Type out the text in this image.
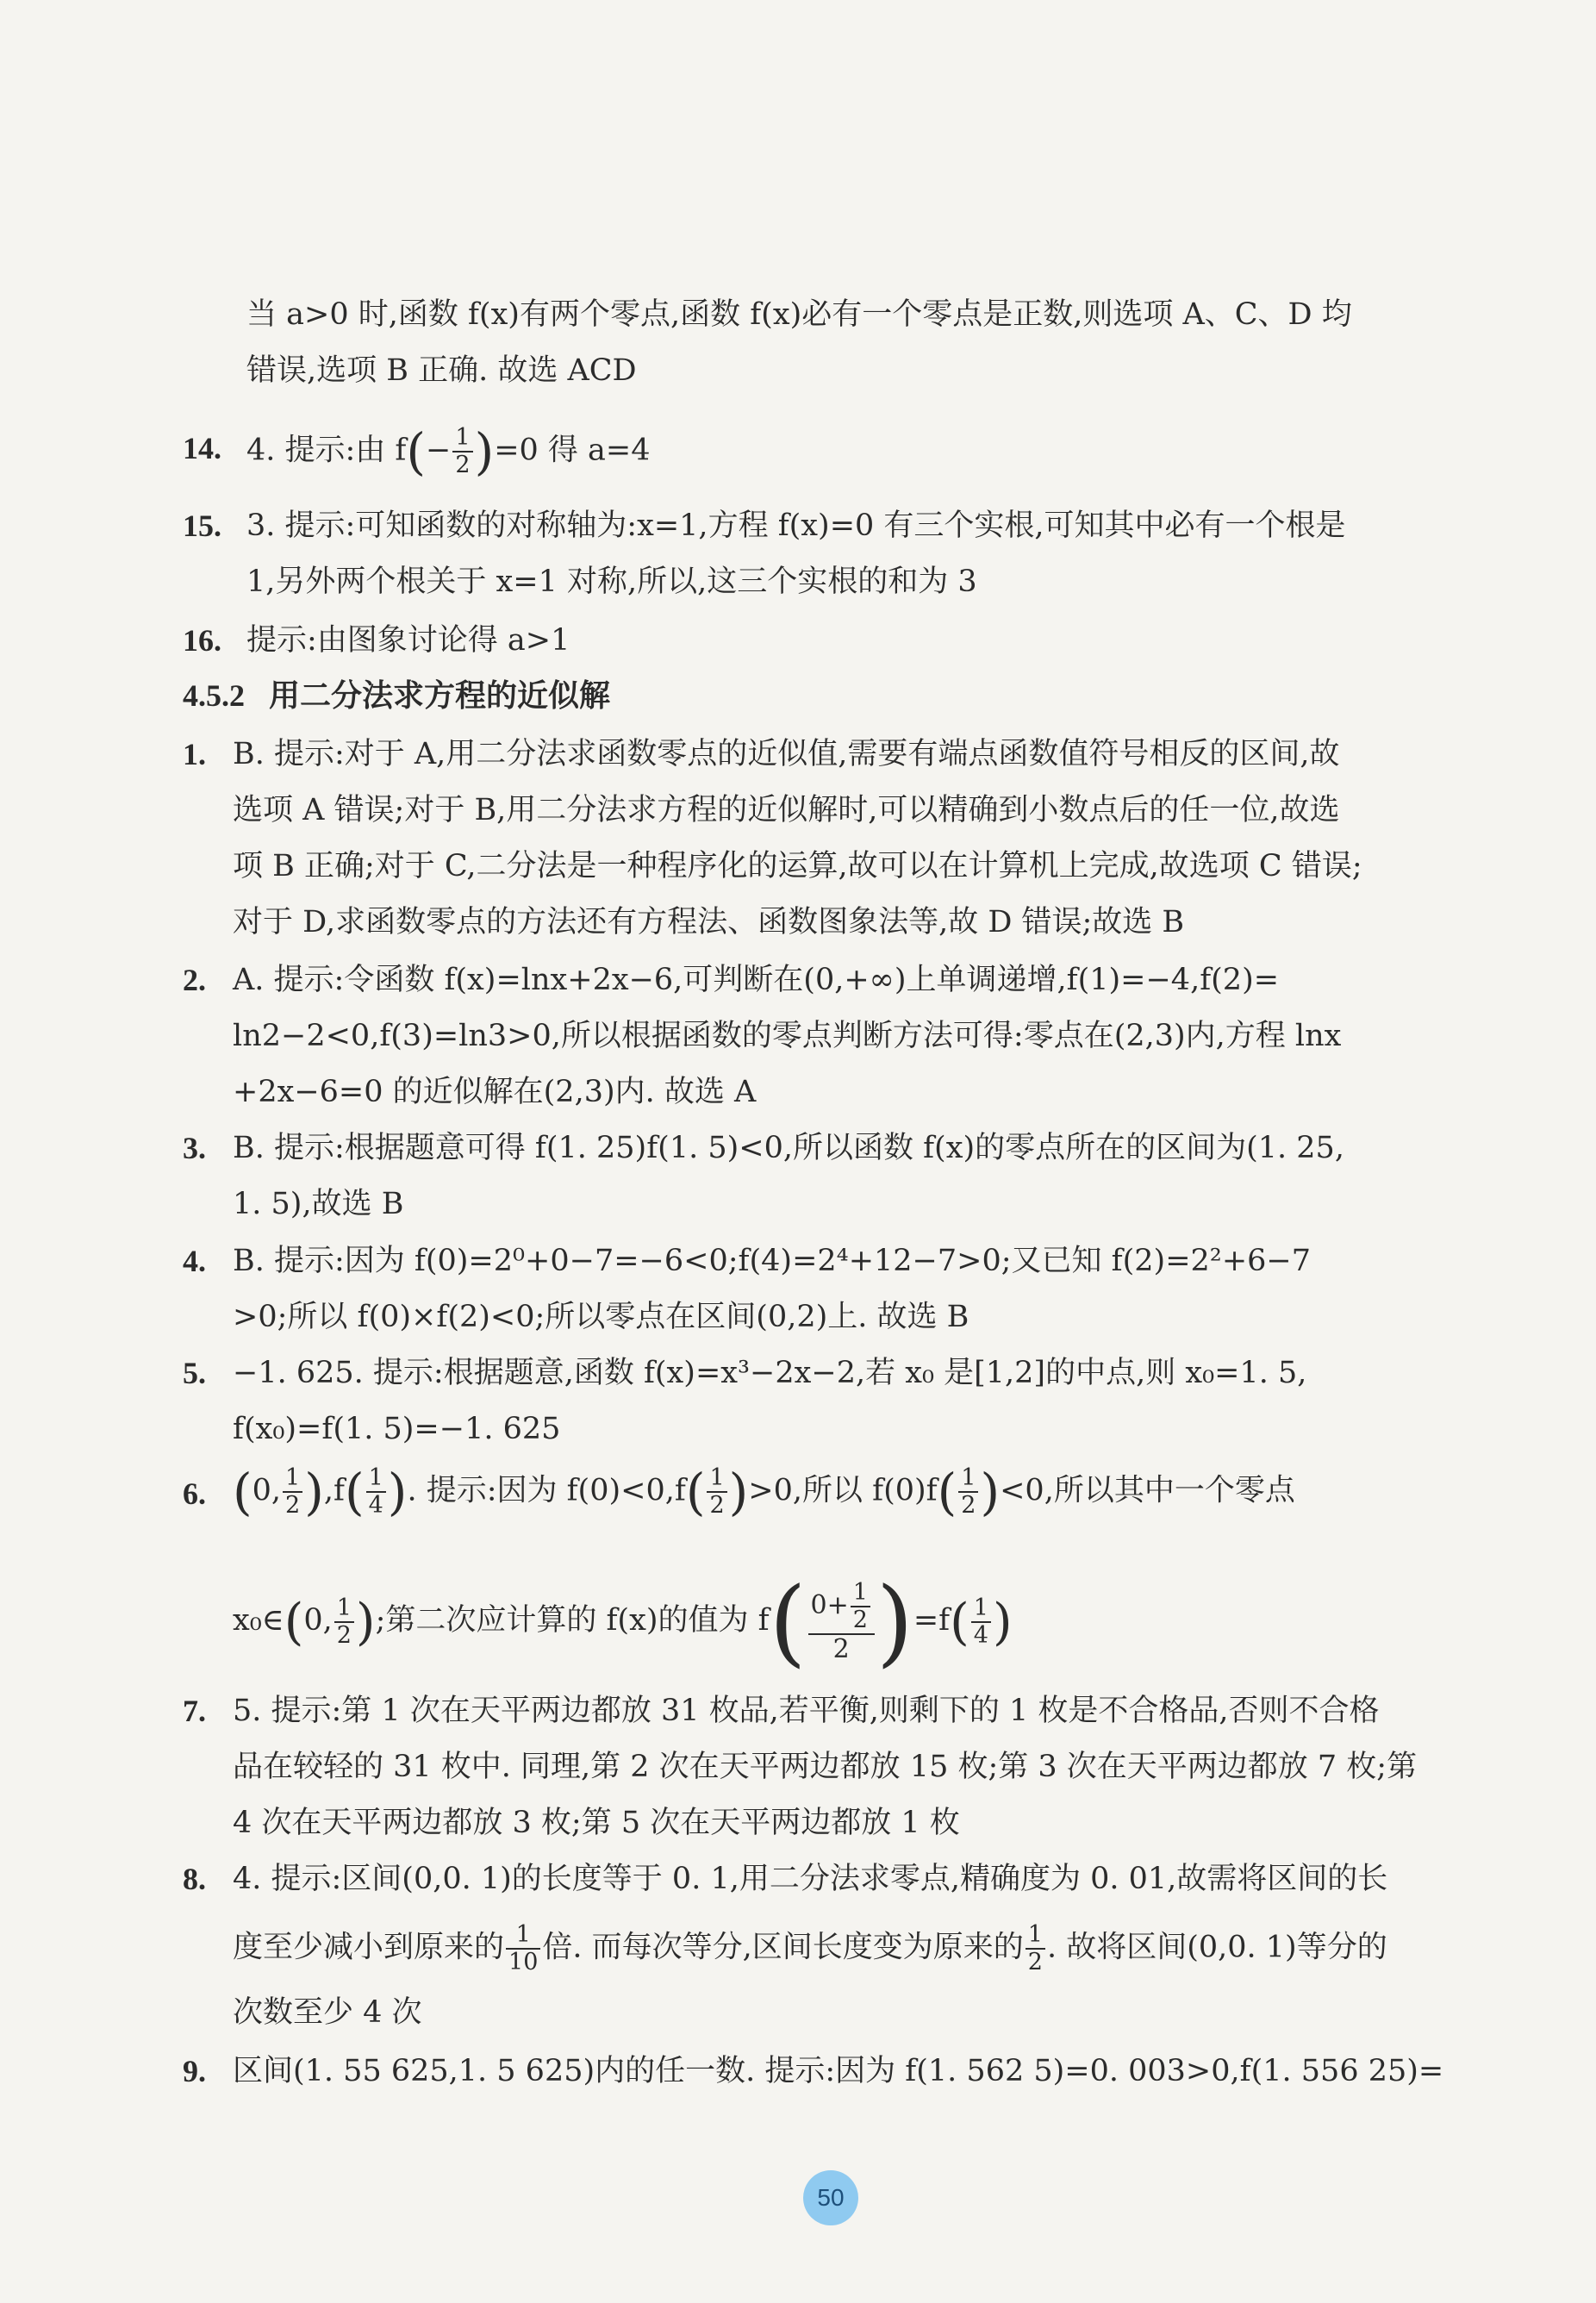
当 a>0 时,函数 f(x)有两个零点,函数 f(x)必有一个零点是正数,则选项 A、C、D 均
错误,选项 B 正确. 故选 ACD
14. 4. 提示:由 $f(- \frac{1}{2} )=0$ 得 a=4
15. 3. 提示:可知函数的对称轴为:x=1,方程 f(x)=0 有三个实根,可知其中必有一个根是
1,另外两个根关于 x=1 对称,所以,这三个实根的和为 3
16. 提示:由图象讨论得 a>1
4.5.2 用二分法求方程的近似解
1. B. 提示:对于 A,用二分法求函数零点的近似值,需要有端点函数值符号相反的区间,故
选项 A 错误;对于 B,用二分法求方程的近似解时,可以精确到小数点后的任一位,故选
项 B 正确;对于 C,二分法是一种程序化的运算,故可以在计算机上完成,故选项 C 错误;
对于 D,求函数零点的方法还有方程法、函数图象法等,故 D 错误;故选 B
2. A. 提示:令函数 f(x)=lnx+2x−6,可判断在(0,+∞)上单调递增,f(1)=−4,f(2)=
ln2−2<0,f(3)=ln3>0,所以根据函数的零点判断方法可得:零点在(2,3)内,方程 lnx
+2x−6=0 的近似解在(2,3)内. 故选 A
3. B. 提示:根据题意可得 f(1. 25)f(1. 5)<0,所以函数 f(x)的零点所在的区间为(1. 25,
1. 5),故选 B
4. B. 提示:因为 f(0)=2⁰+0−7=−6<0;f(4)=2⁴+12−7>0;又已知 f(2)=2²+6−7
>0;所以 f(0)×f(2)<0;所以零点在区间(0,2)上. 故选 B
5. −1. 625. 提示:根据题意,函数 f(x)=x³−2x−2,若 x₀ 是[1,2]的中点,则 x₀=1. 5,
f(x₀)=f(1. 5)=−1. 625
6. (0, $\frac{1}{2} ),f( \frac{1}{4}$ ). 提示:因为 $f(0)<0,f( \frac{1}{2} )>0$,所以 $f(0)f( \frac{1}{2} )<0$,所以其中一个零点
x₀∈(0, $\frac{1}{2}$ );第二次应计算的 f(x)的值为 $f( \frac{0+ \frac{1}{2}}{2} )=f( \frac{1}{4}$ )
7. 5. 提示:第 1 次在天平两边都放 31 枚品,若平衡,则剩下的 1 枚是不合格品,否则不合格
品在较轻的 31 枚中. 同理,第 2 次在天平两边都放 15 枚;第 3 次在天平两边都放 7 枚;第
4 次在天平两边都放 3 枚;第 5 次在天平两边都放 1 枚
8. 4. 提示:区间(0,0. 1)的长度等于 0. 1,用二分法求零点,精确度为 0. 01,故需将区间的长
度至少减小到原来的 $\frac{1}{10}$ 倍. 而每次等分,区间长度变为原来的 $\frac{1}{2}$ . 故将区间(0,0. 1)等分的
次数至少 4 次
9. 区间(1. 55 625,1. 5 625)内的任一数. 提示:因为 f(1. 562 5)=0. 003>0,f(1. 556 25)=
50
